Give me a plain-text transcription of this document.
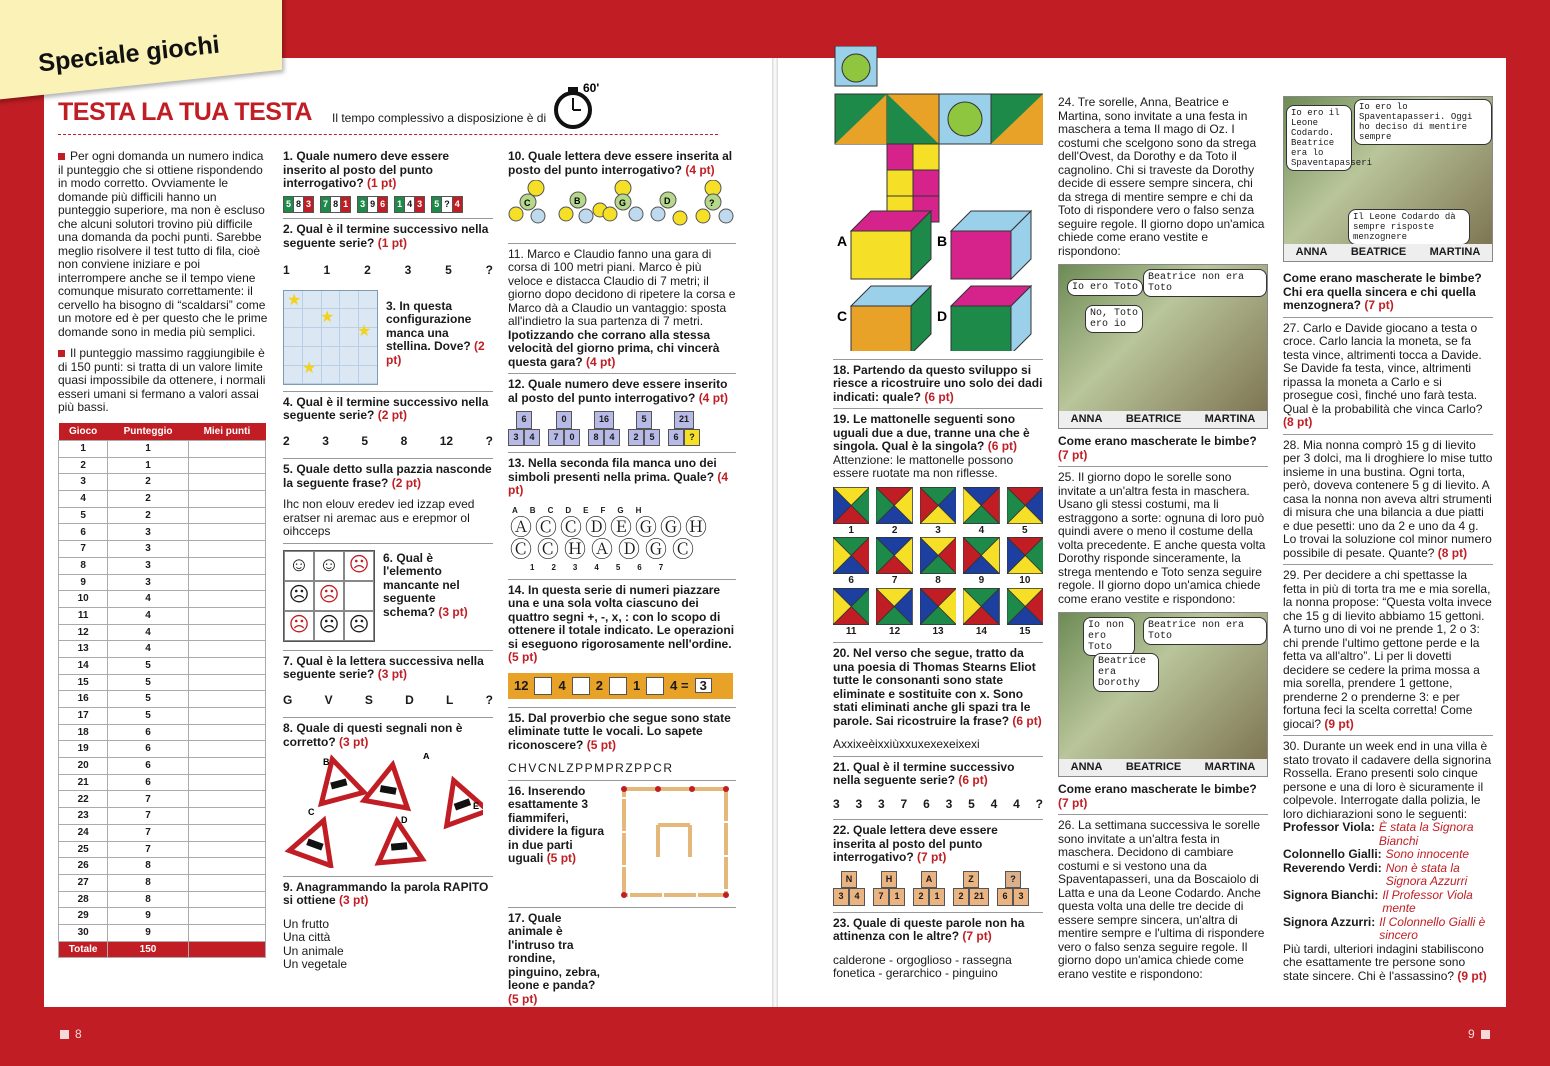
Speciale giochi
TESTA LA TUA TESTA Il tempo complessivo a disposizione è di
60'

Per ogni domanda un numero indica il punteggio che si ottiene rispondendo in modo corretto. Ovviamente le domande più difficili hanno un punteggio superiore, ma non è escluso che alcuni solutori trovino più difficile una domanda da pochi punti. Sarebbe meglio risolvere il test tutto di fila, cioè non conviene iniziare e poi interrompere anche se il tempo viene comunque misurato correttamente: il cervello ha bisogno di “scaldarsi” come un motore ed è per questo che le prime domande sono in media più semplici.

Il punteggio massimo raggiungibile è di 150 punti: si tratta di un valore limite quasi impossibile da ottenere, i normali esseri umani si fermano a valori assai più bassi.

Gioco	Punteggio	Miei punti
1	1	
2	1	
3	2	
4	2	
5	2	
6	3	
7	3	
8	3	
9	3	
10	4	
11	4	
12	4	
13	4	
14	5	
15	5	
16	5	
17	5	
18	6	
19	6	
20	6	
21	6	
22	7	
23	7	
24	7	
25	7	
26	8	
27	8	
28	8	
29	9	
30	9	
Totale	150	
1. Quale numero deve essere inserito al posto del punto interrogativo? (1 pt)
5 8 3 7 8 1 3 9 6 1 4 3 5 ? 4
2. Qual è il termine successivo nella seguente serie? (1 pt)
1	1	2	3	5	?
★
★
★
★
3. In questa configurazione manca una stellina. Dove? (2 pt)
4. Qual è il termine successivo nella seguente serie? (2 pt)
2	3	5	8	12	?
5. Quale detto sulla pazzia nasconde la seguente frase? (2 pt)

Ihc non elouv eredev ied izzap eved eratser ni aremac aus e erepmor ol oihcceps

☺ ☺ ☹
☹ ☹
☹ ☹ ☹
6. Qual è l'elemento mancante nel seguente schema? (3 pt)
7. Qual è la lettera successiva nella seguente serie? (3 pt)
G	V	S	D	L	?
8. Quale di questi segnali non è corretto? (3 pt)
B
A
C
D
E
9. Anagrammando la parola RAPITO si ottiene (3 pt)
Un frutto
Una città
Un animale
Un vegetale
10. Quale lettera deve essere inserita al posto del punto interrogativo? (4 pt)
C	B	G	D	?
11. Marco e Claudio fanno una gara di corsa di 100 metri piani. Marco è più veloce e distacca Claudio di 7 metri; il giorno dopo decidono di ripetere la corsa e Marco dà a Claudio un vantaggio: sposta all'indietro la sua partenza di 7 metri.
Ipotizzando che corrano alla stessa velocità del giorno prima, chi vincerà questa gara? (4 pt)
12. Quale numero deve essere inserito al posto del punto interrogativo? (4 pt)
6
3	4
0
7	0
16
8	4
5
2	5
21
6	?
13. Nella seconda fila manca uno dei simboli presenti nella prima. Quale? (4 pt)
A B C D E F G H
ⒶⒸⒸⒹⒺⒼⒼⒽ
ⒸⒸⒽⒶⒹⒼⒸ
1 2 3 4 5 6 7
14. In questa serie di numeri piazzare una e una sola volta ciascuno dei quattro segni +, -, x, : con lo scopo di ottenere il totale indicato. Le operazioni si eseguono rigorosamente nell'ordine. (5 pt)
12 4 2 1 4 = 3
15. Dal proverbio che segue sono state eliminate tutte le vocali. Lo sapete riconoscere? (5 pt)

CHVCNLZPPMPRZPPCR

16. Inserendo esattamente 3 fiammiferi, dividere la figura in due parti uguali (5 pt)
17. Quale animale è l'intruso tra rondine, pinguino, zebra, leone e panda? (5 pt)
A	B
C	D
18. Partendo da questo sviluppo si riesce a ricostruire uno solo dei dadi indicati: quale? (6 pt)
19. Le mattonelle seguenti sono uguali due a due, tranne una che è singola. Qual è la singola? (6 pt)
Attenzione: le mattonelle possono essere ruotate ma non riflesse.
1	2	3	4	5
6	7	8	9	10
11	12	13	14	15
20. Nel verso che segue, tratto da una poesia di Thomas Stearns Eliot tutte le consonanti sono state eliminate e sostituite con x. Sono stati eliminati anche gli spazi tra le parole. Sai ricostruire la frase? (6 pt)

Axxixeèixxiùxxuxexexeixexi

21. Qual è il termine successivo nella seguente serie? (6 pt)
3 3 3 7 6 3 5 4 4 ?
22. Quale lettera deve essere inserita al posto del punto interrogativo? (7 pt)
N
3	4
H
7	1
A
2	1
Z
2	21
?
6	3
23. Quale di queste parole non ha attinenza con le altre? (7 pt)

calderone - orgoglioso - rassegna fonetica - gerarchico - pinguino

24. Tre sorelle, Anna, Beatrice e Martina, sono invitate a una festa in maschera a tema Il mago di Oz. I costumi che scelgono sono da strega dell'Ovest, da Dorothy e da Toto il cagnolino. Chi si traveste da Dorothy decide di essere sempre sincera, chi da strega di mentire sempre e chi da Toto di rispondere vero o falso senza seguire regole. Il giorno dopo un'amica chiede come erano vestite e rispondono:
Io ero Toto
Beatrice non era Toto
No, Toto ero io
ANNA BEATRICE MARTINA
Come erano mascherate le bimbe?
(7 pt)
25. Il giorno dopo le sorelle sono invitate a un'altra festa in maschera. Usano gli stessi costumi, ma li estraggono a sorte: ognuna di loro può quindi avere o meno il costume della volta precedente. E anche questa volta Dorothy risponde sinceramente, la strega mentendo e Toto senza seguire regole. Il giorno dopo un'amica chiede come erano vestite e rispondono:
Io non ero Toto
Beatrice non era Toto
Beatrice era Dorothy
ANNA BEATRICE MARTINA
Come erano mascherate le bimbe?
(7 pt)
26. La settimana successiva le sorelle sono invitate a un'altra festa in maschera. Decidono di cambiare costumi e si vestono una da Spaventapasseri, una da Boscaiolo di Latta e una da Leone Codardo. Anche questa volta una delle tre decide di essere sempre sincera, un'altra di mentire sempre e l'ultima di rispondere vero o falso senza seguire regole. Il giorno dopo un'amica chiede come erano vestite e rispondono:
Io ero il Leone Codardo. Beatrice era lo Spaventapasseri
Io ero lo Spaventapasseri. Oggi ho deciso di mentire sempre
Il Leone Codardo dà sempre risposte menzognere
ANNA BEATRICE MARTINA
Come erano mascherate le bimbe? Chi era quella sincera e chi quella menzognera? (7 pt)
27. Carlo e Davide giocano a testa o croce. Carlo lancia la moneta, se fa testa vince, altrimenti tocca a Davide. Se Davide fa testa, vince, altrimenti ripassa la moneta a Carlo e si prosegue così, finché uno farà testa. Qual è la probabilità che vinca Carlo? (8 pt)
28. Mia nonna comprò 15 g di lievito per 3 dolci, ma li droghiere lo mise tutto insieme in una bustina. Ogni torta, però, doveva contenere 5 g di lievito. A casa la nonna non aveva altri strumenti di misura che una bilancia a due piatti e due pesetti: uno da 2 e uno da 4 g. Lo trovai la soluzione col minor numero possibile di pesate. Quante? (8 pt)
29. Per decidere a chi spettasse la fetta in più di torta tra me e mia sorella, la nonna propose: “Questa volta invece che 15 g di lievito abbiamo 15 gettoni. A turno uno di voi ne prende 1, 2 o 3: chi prende l'ultimo gettone perde e la fetta va all'altro”. Li per li dovetti decidere se cedere la prima mossa a mia sorella, prendere 1 gettone, prenderne 2 o prenderne 3: e per fortuna feci la scelta corretta! Come giocai? (9 pt)
30. Durante un week end in una villa è stato trovato il cadavere della signorina Rossella. Erano presenti solo cinque persone e una di loro è sicuramente il colpevole. Interrogate dalla polizia, le loro dichiarazioni sono le seguenti:
Professor Viola: È stata la Signora Bianchi
Colonnello Gialli: Sono innocente
Reverendo Verdi: Non è stata la Signora Azzurri
Signora Bianchi: Il Professor Viola mente
Signora Azzurri: Il Colonnello Gialli è sincero
Più tardi, ulteriori indagini stabiliscono che esattamente tre persone sono state sincere. Chi è l'assassino? (9 pt)
8	9
